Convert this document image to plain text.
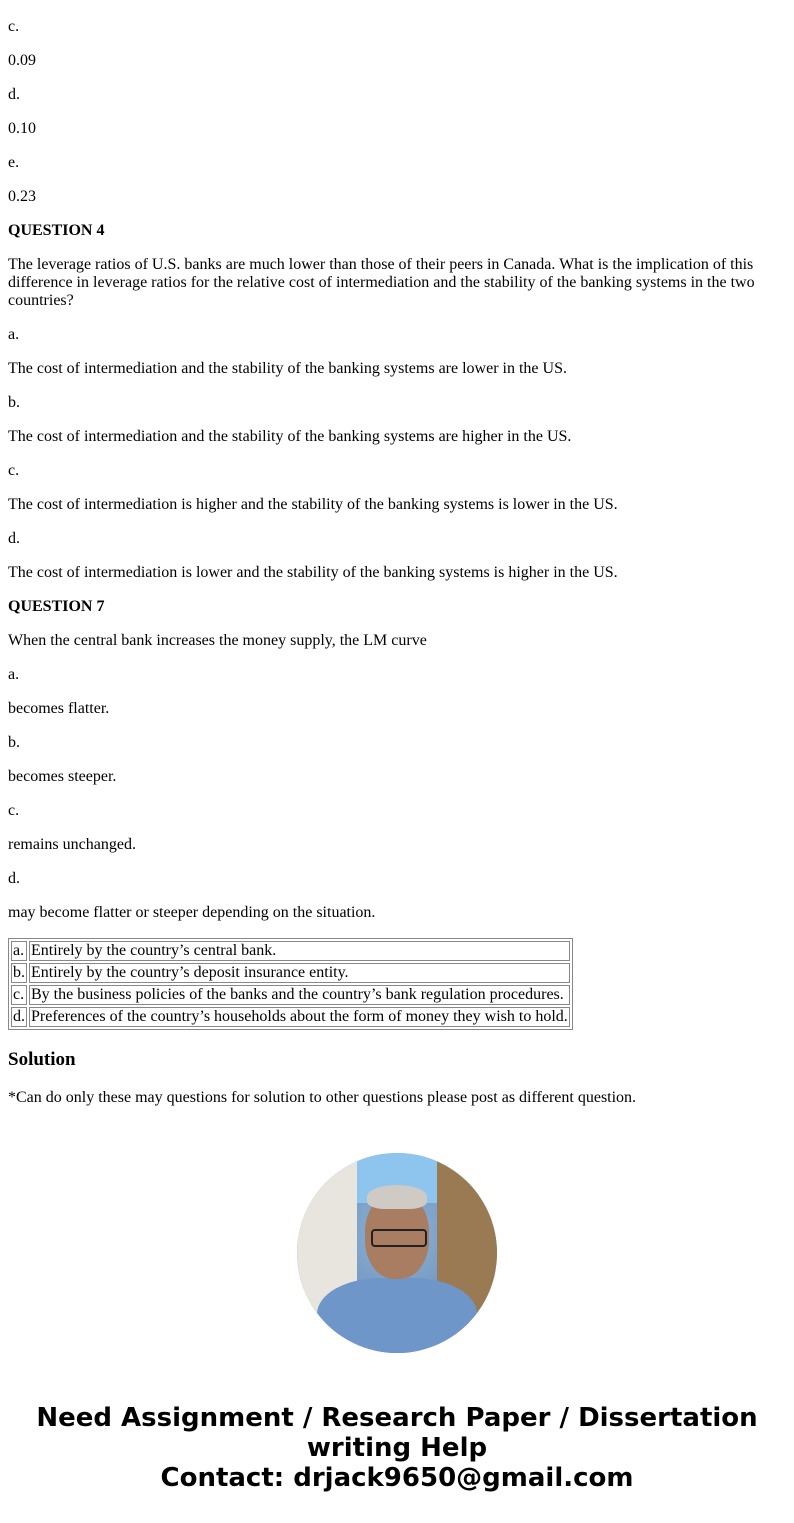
c.
0.09
d.
0.10
e.
0.23
QUESTION 4
The leverage ratios of U.S. banks are much lower than those of their peers in Canada. What is the implication of this difference in leverage ratios for the relative cost of intermediation and the stability of the banking systems in the two countries?
a.
The cost of intermediation and the stability of the banking systems are lower in the US.
b.
The cost of intermediation and the stability of the banking systems are higher in the US.
c.
The cost of intermediation is higher and the stability of the banking systems is lower in the US.
d.
The cost of intermediation is lower and the stability of the banking systems is higher in the US.
QUESTION 7
When the central bank increases the money supply, the LM curve
a.
becomes flatter.
b.
becomes steeper.
c.
remains unchanged.
d.
may become flatter or steeper depending on the situation.
a.	Entirely by the country’s central bank.
b.	Entirely by the country’s deposit insurance entity.
c.	By the business policies of the banks and the country’s bank regulation procedures.
d.	Preferences of the country’s households about the form of money they wish to hold.
Solution
*Can do only these may questions for solution to other questions please post as different question.
Need Assignment / Research Paper / Dissertation writing Help
Contact: drjack9650@gmail.com
